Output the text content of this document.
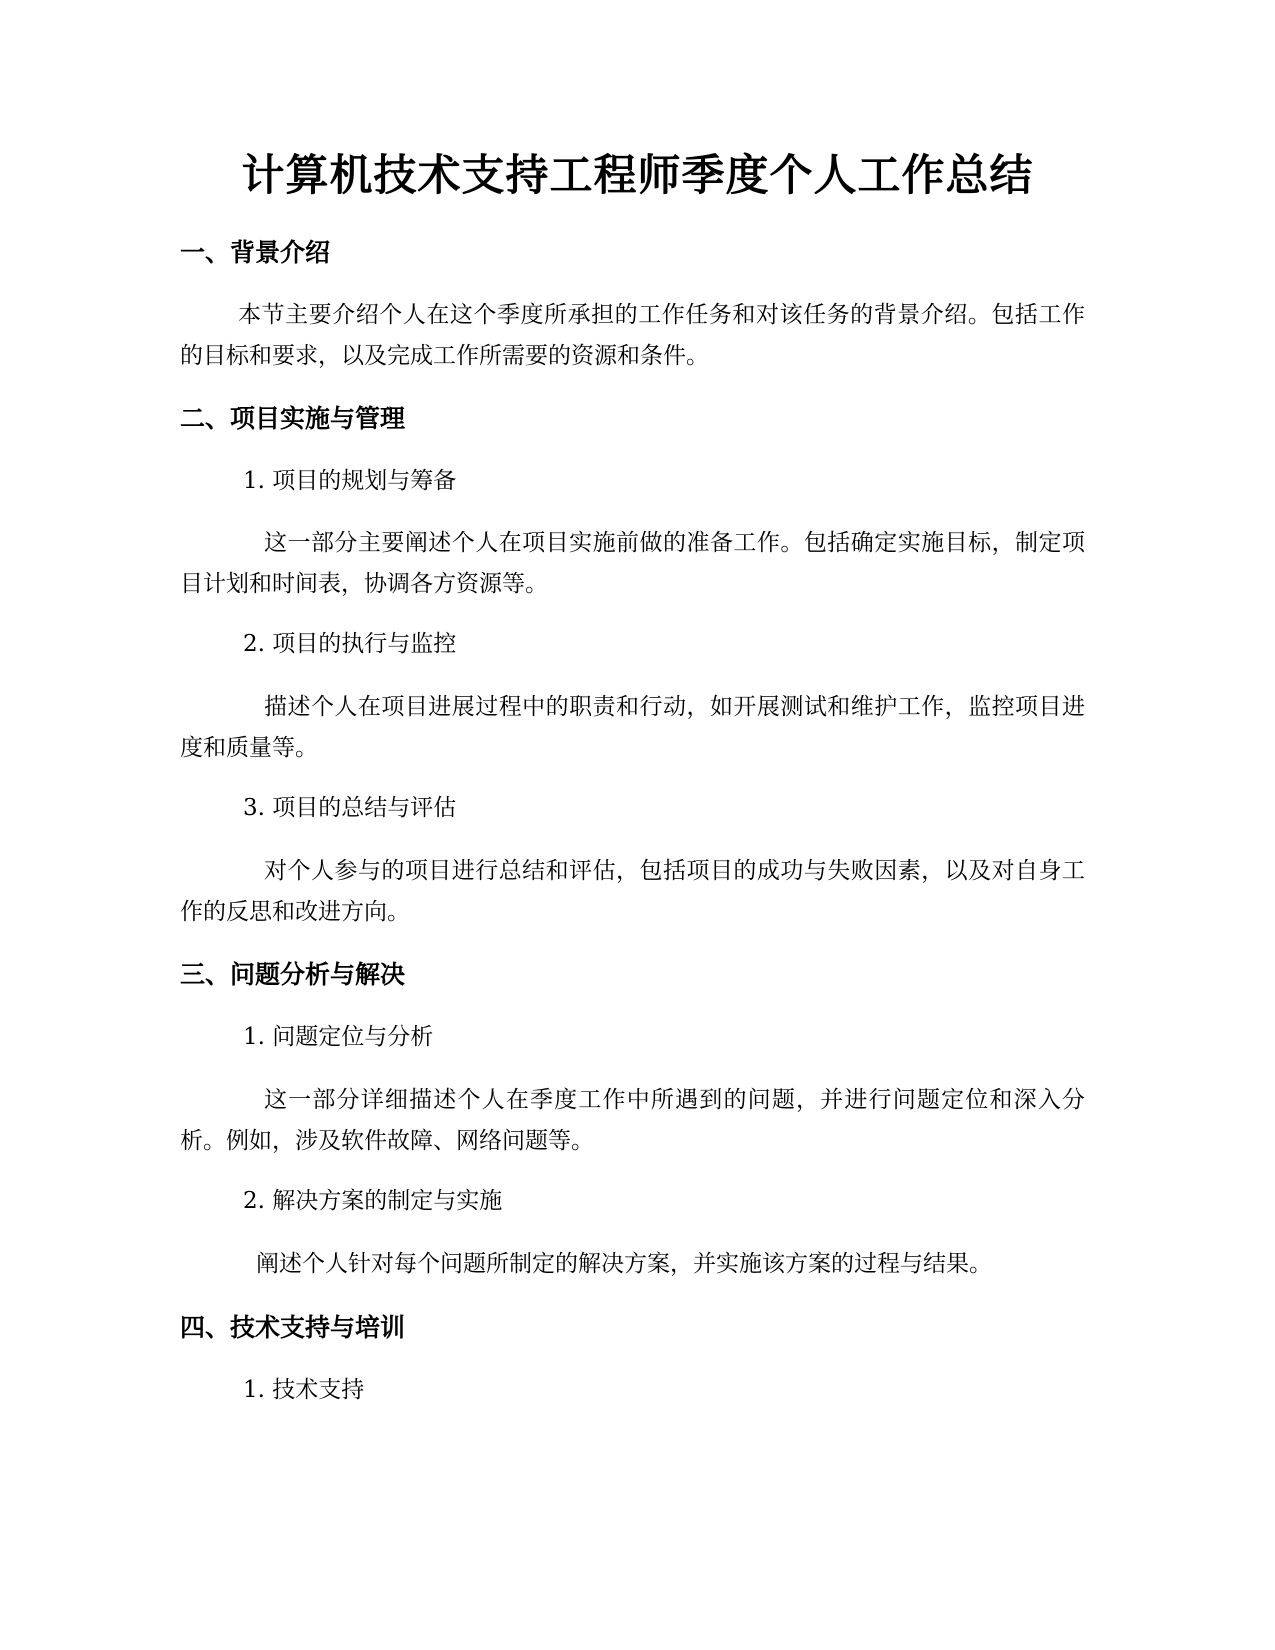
计算机技术支持工程师季度个人工作总结
一、背景介绍

本节主要介绍个人在这个季度所承担的工作任务和对该任务的背景介绍。包括工作的目标和要求，以及完成工作所需要的资源和条件。

二、项目实施与管理

1. 项目的规划与筹备

这一部分主要阐述个人在项目实施前做的准备工作。包括确定实施目标，制定项目计划和时间表，协调各方资源等。

2. 项目的执行与监控

描述个人在项目进展过程中的职责和行动，如开展测试和维护工作，监控项目进度和质量等。

3. 项目的总结与评估

对个人参与的项目进行总结和评估，包括项目的成功与失败因素，以及对自身工作的反思和改进方向。

三、问题分析与解决

1. 问题定位与分析

这一部分详细描述个人在季度工作中所遇到的问题，并进行问题定位和深入分析。例如，涉及软件故障、网络问题等。

2. 解决方案的制定与实施

阐述个人针对每个问题所制定的解决方案，并实施该方案的过程与结果。

四、技术支持与培训

1. 技术支持
